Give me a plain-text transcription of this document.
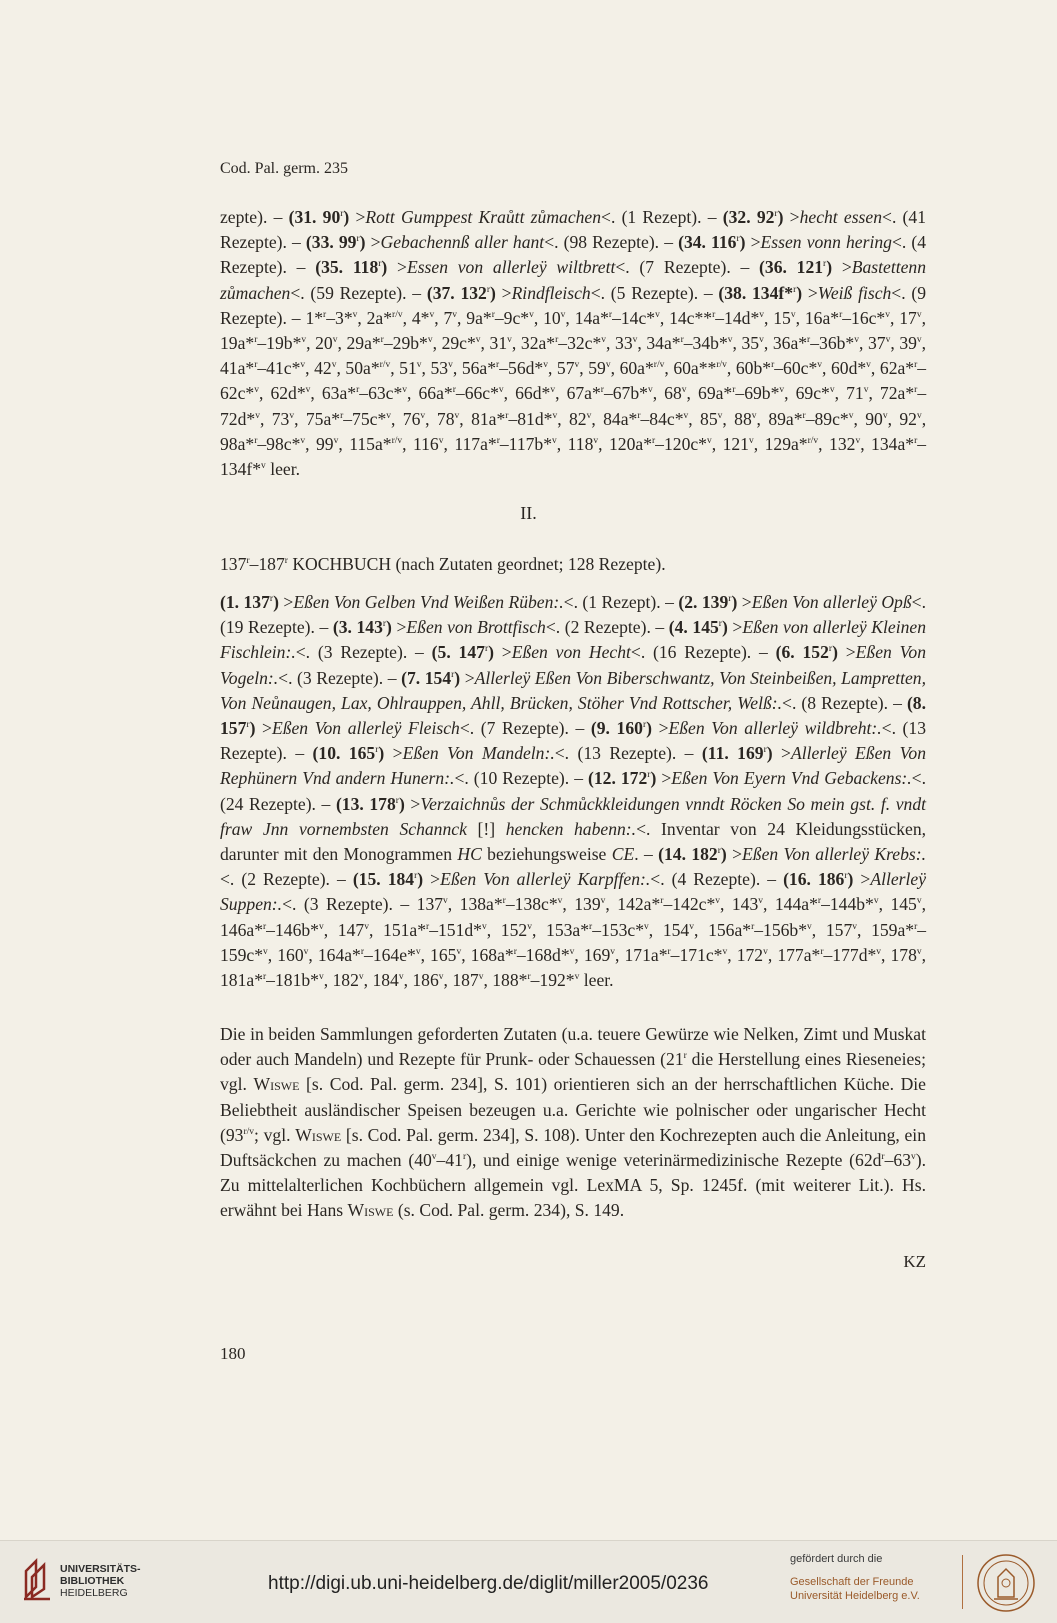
Cod. Pal. germ. 235
zepte). – (31. $90^r$) >Rott Gumppest Kraůtt zůmachen<. (1 Rezept). – (32. $92^r$) >hecht essen<. (41 Rezepte). – (33. $99^r$) >Gebachennß aller hant<. (98 Rezepte). – (34. $116^r$) >Essen vonn hering<. (4 Rezepte). – (35. $118^r$) >Essen von allerleÿ wiltbrett<. (7 Rezepte). – (36. $121^r$) >Bastettenn zůmachen<. (59 Rezepte). – (37. $132^r$) >Rindfleisch<. (5 Rezepte). – (38. 134f*$^r$) >Weiß fisch<. (9 Rezepte). – 1*$^r$–3*$^v$, 2a*$^{r/v}$, 4*$^v$, 7$^v$, 9a*$^r$–9c*$^v$, 10$^v$, 14a*$^r$–14c*$^v$, 14c**$^r$–14d*$^v$, 15$^v$, 16a*$^r$–16c*$^v$, 17$^v$, 19a*$^r$–19b*$^v$, 20$^v$, 29a*$^r$–29b*$^v$, 29c*$^v$, 31$^v$, 32a*$^r$–32c*$^v$, 33$^v$, 34a*$^r$–34b*$^v$, 35$^v$, 36a*$^r$–36b*$^v$, 37$^v$, 39$^v$, 41a*$^r$–41c*$^v$, 42$^v$, 50a*$^{r/v}$, 51$^v$, 53$^v$, 56a*$^r$–56d*$^v$, 57$^v$, 59$^v$, 60a*$^{r/v}$, 60a**$^{r/v}$, 60b*$^r$–60c*$^v$, 60d*$^v$, 62a*$^r$–62c*$^v$, 62d*$^v$, 63a*$^r$–63c*$^v$, 66a*$^r$–66c*$^v$, 66d*$^v$, 67a*$^r$–67b*$^v$, 68$^v$, 69a*$^r$–69b*$^v$, 69c*$^v$, 71$^v$, 72a*$^r$–72d*$^v$, 73$^v$, 75a*$^r$–75c*$^v$, 76$^v$, 78$^v$, 81a*$^r$–81d*$^v$, 82$^v$, 84a*$^r$–84c*$^v$, 85$^v$, 88$^v$, 89a*$^r$–89c*$^v$, 90$^v$, 92$^v$, 98a*$^r$–98c*$^v$, 99$^v$, 115a*$^{r/v}$, 116$^v$, 117a*$^r$–117b*$^v$, 118$^v$, 120a*$^r$–120c*$^v$, 121$^v$, 129a*$^{r/v}$, 132$^v$, 134a*$^r$–134f*$^v$ leer.
II.
137$^r$–187$^r$ KOCHBUCH (nach Zutaten geordnet; 128 Rezepte).
(1. $137^r$) >Eßen Von Gelben Vnd Weißen Rüben:.<. (1 Rezept). – (2. $139^r$) >Eßen Von allerleÿ Opß<. (19 Rezepte). – (3. $143^r$) >Eßen von Brottfisch<. (2 Rezepte). – (4. $145^r$) >Eßen von allerleÿ Kleinen Fischlein:.<. (3 Rezepte). – (5. $147^r$) >Eßen von Hecht<. (16 Rezepte). – (6. $152^r$) >Eßen Von Vogeln:.<. (3 Rezepte). – (7. $154^r$) >Allerleÿ Eßen Von Biberschwantz, Von Steinbeißen, Lampretten, Von Neůnaugen, Lax, Ohlrauppen, Ahll, Brücken, Stöher Vnd Rottscher, Welß:.<. (8 Rezepte). – (8. $157^r$) >Eßen Von allerleÿ Fleisch<. (7 Rezepte). – (9. $160^r$) >Eßen Von allerleÿ wildbreht:.<. (13 Rezepte). – (10. $165^r$) >Eßen Von Mandeln:.<. (13 Rezepte). – (11. $169^r$) >Allerleÿ Eßen Von Rephünern Vnd andern Hunern:.<. (10 Rezepte). – (12. $172^r$) >Eßen Von Eyern Vnd Gebackens:.<. (24 Rezepte). – (13. $178^r$) >Verzaichnůs der Schmůckkleidungen vnndt Röcken So mein gst. f. vndt fraw Jnn vornembsten Schannck [!] hencken habenn:.<. Inventar von 24 Kleidungsstücken, darunter mit den Monogrammen HC beziehungsweise CE. – (14. $182^r$) >Eßen Von allerleÿ Krebs:.<. (2 Rezepte). – (15. $184^r$) >Eßen Von allerleÿ Karpffen:.<. (4 Rezepte). – (16. $186^r$) >Allerleÿ Suppen:.<. (3 Rezepte). – 137$^v$, 138a*$^r$–138c*$^v$, 139$^v$, 142a*$^r$–142c*$^v$, 143$^v$, 144a*$^r$–144b*$^v$, 145$^v$, 146a*$^r$–146b*$^v$, 147$^v$, 151a*$^r$–151d*$^v$, 152$^v$, 153a*$^r$–153c*$^v$, 154$^v$, 156a*$^r$–156b*$^v$, 157$^v$, 159a*$^r$–159c*$^v$, 160$^v$, 164a*$^r$–164e*$^v$, 165$^v$, 168a*$^r$–168d*$^v$, 169$^v$, 171a*$^r$–171c*$^v$, 172$^v$, 177a*$^r$–177d*$^v$, 178$^v$, 181a*$^r$–181b*$^v$, 182$^v$, 184$^v$, 186$^v$, 187$^v$, 188*$^r$–192*$^v$ leer.
Die in beiden Sammlungen geforderten Zutaten (u.a. teuere Gewürze wie Nelken, Zimt und Muskat oder auch Mandeln) und Rezepte für Prunk- oder Schauessen (21$^r$ die Herstellung eines Rieseneies; vgl. Wiswe [s. Cod. Pal. germ. 234], S. 101) orientieren sich an der herrschaftlichen Küche. Die Beliebtheit ausländischer Speisen bezeugen u.a. Gerichte wie polnischer oder ungarischer Hecht ($93^{r/v}$; vgl. Wiswe [s. Cod. Pal. germ. 234], S. 108). Unter den Kochrezepten auch die Anleitung, ein Duftsäckchen zu machen (40$^v$–41$^r$), und einige wenige veterinärmedizinische Rezepte $(62d^r-63^v)$. Zu mittelalterlichen Kochbüchern allgemein vgl. LexMA 5, Sp. 1245f. (mit weiterer Lit.). Hs. erwähnt bei Hans Wiswe (s. Cod. Pal. germ. 234), S. 149.
KZ
180
UNIVERSITÄTS-
BIBLIOTHEK
HEIDELBERG	http://digi.ub.uni-heidelberg.de/diglit/miller2005/0236
gefördert durch die
Gesellschaft der Freunde
Universität Heidelberg e.V.
